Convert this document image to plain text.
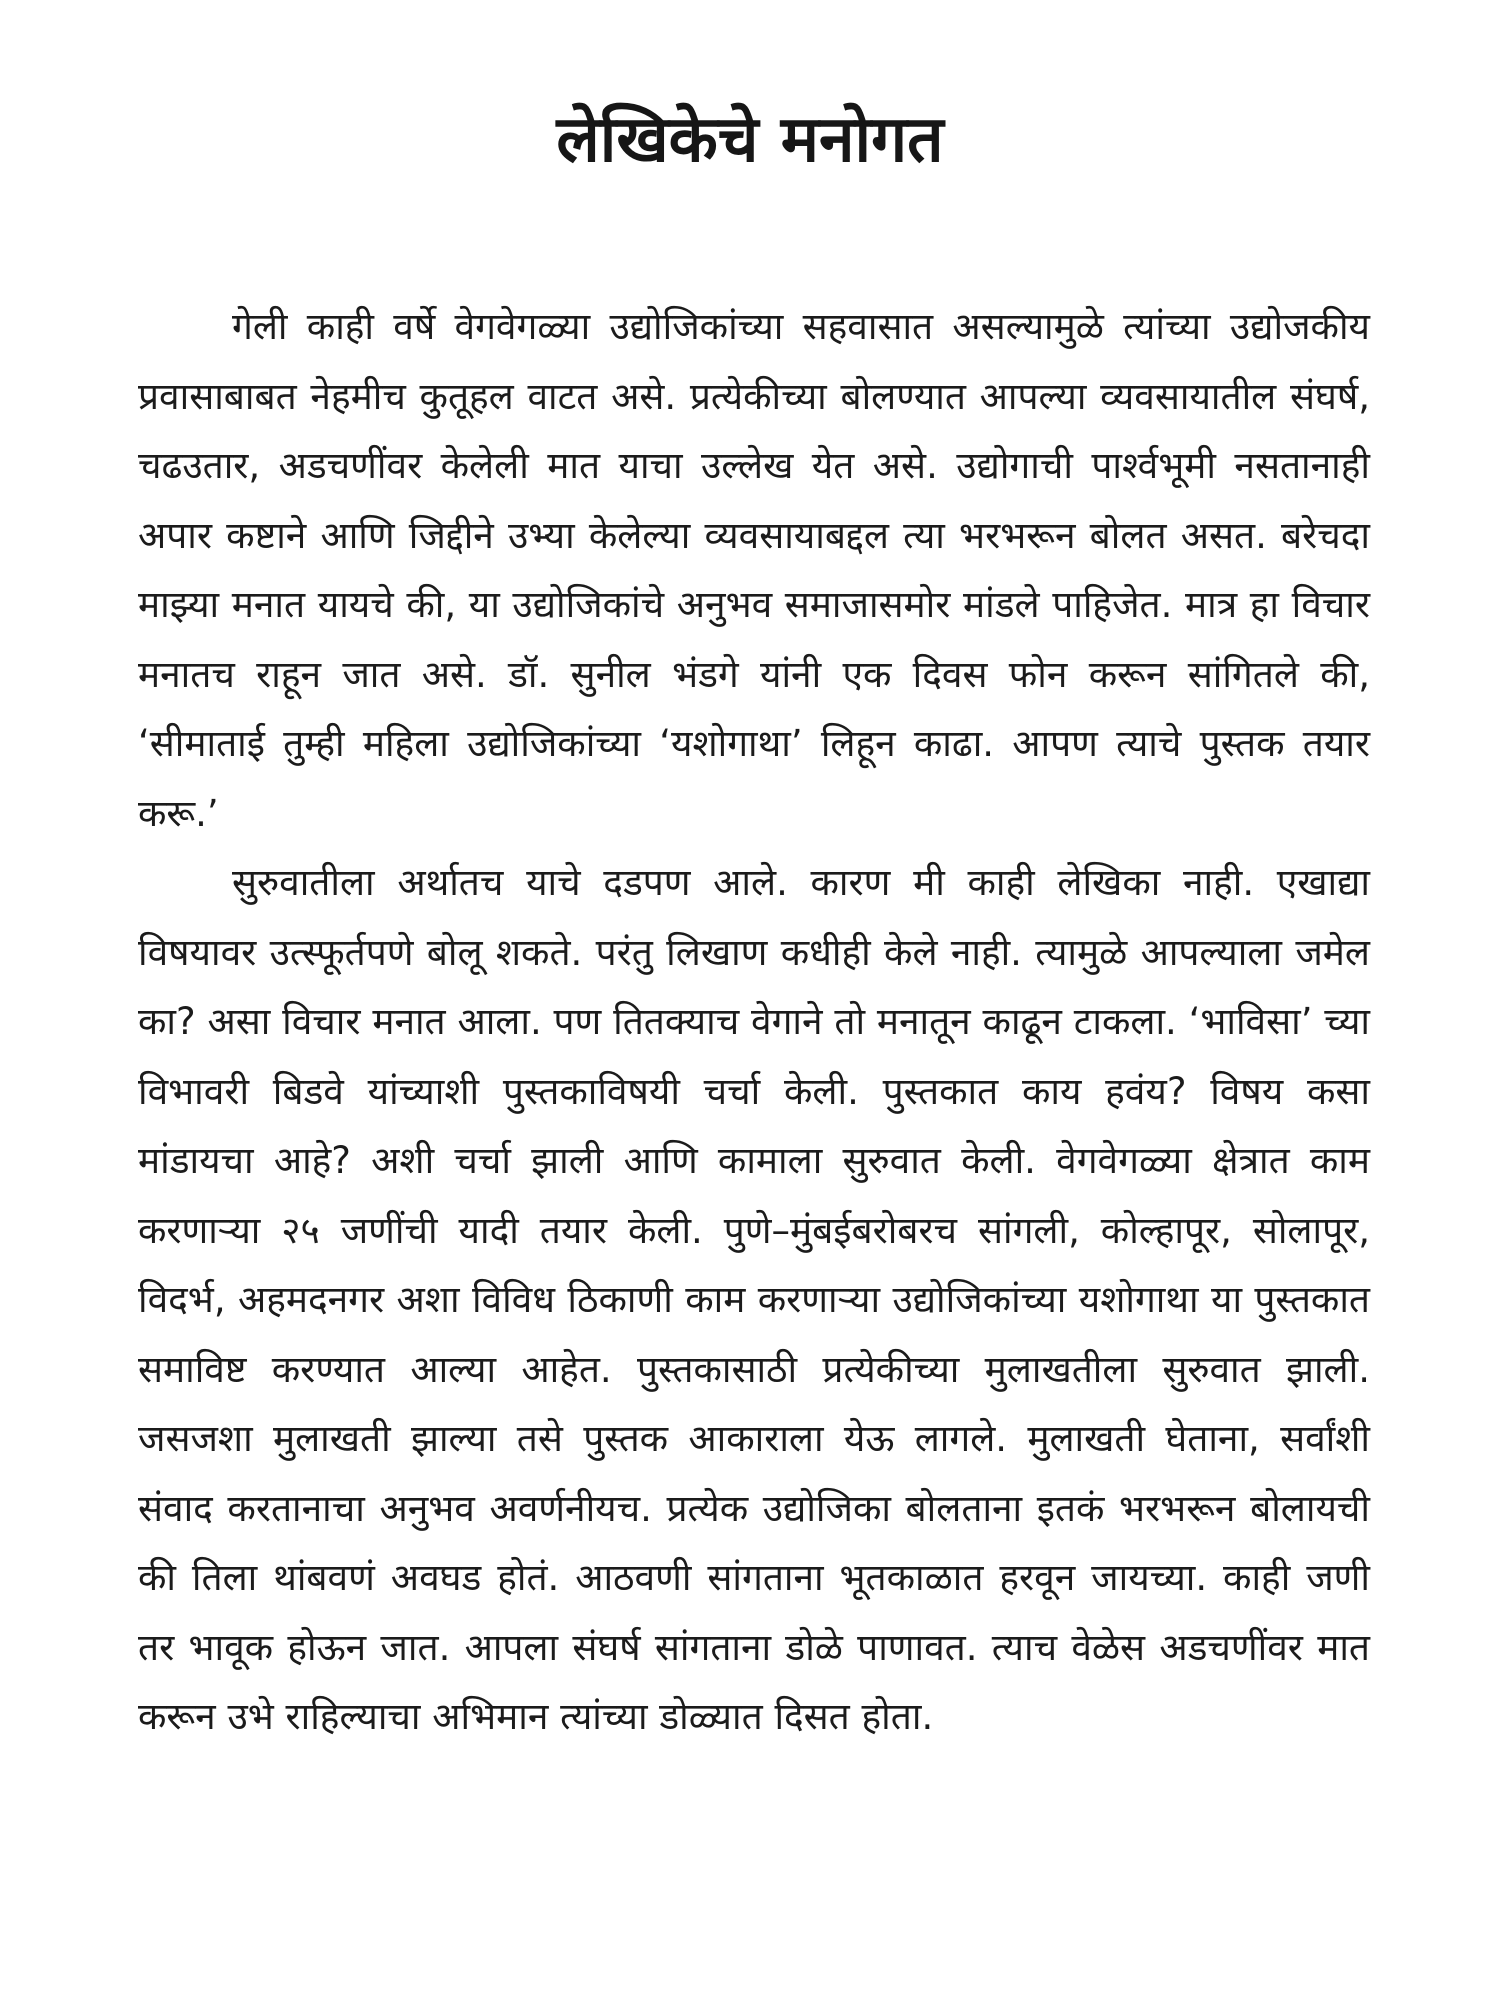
लेखिकेचे मनोगत

गेली काही वर्षे वेगवेगळ्या उद्योजिकांच्या सहवासात असल्यामुळे त्यांच्या उद्योजकीय प्रवासाबाबत नेहमीच कुतूहल वाटत असे. प्रत्येकीच्या बोलण्यात आपल्या व्यवसायातील संघर्ष, चढउतार, अडचणींवर केलेली मात याचा उल्लेख येत असे. उद्योगाची पार्श्वभूमी नसतानाही अपार कष्टाने आणि जिद्दीने उभ्या केलेल्या व्यवसायाबद्दल त्या भरभरून बोलत असत. बरेचदा माझ्या मनात यायचे की, या उद्योजिकांचे अनुभव समाजासमोर मांडले पाहिजेत. मात्र हा विचार मनातच राहून जात असे. डॉ. सुनील भंडगे यांनी एक दिवस फोन करून सांगितले की, ‘सीमाताई तुम्ही महिला उद्योजिकांच्या ‘यशोगाथा’ लिहून काढा. आपण त्याचे पुस्तक तयार करू.’

सुरुवातीला अर्थातच याचे दडपण आले. कारण मी काही लेखिका नाही. एखाद्या विषयावर उत्स्फूर्तपणे बोलू शकते. परंतु लिखाण कधीही केले नाही. त्यामुळे आपल्याला जमेल का? असा विचार मनात आला. पण तितक्याच वेगाने तो मनातून काढून टाकला. ‘भाविसा’ च्या विभावरी बिडवे यांच्याशी पुस्तकाविषयी चर्चा केली. पुस्तकात काय हवंय? विषय कसा मांडायचा आहे? अशी चर्चा झाली आणि कामाला सुरुवात केली. वेगवेगळ्या क्षेत्रात काम करणाऱ्या २५ जणींची यादी तयार केली. पुणे–मुंबईबरोबरच सांगली, कोल्हापूर, सोलापूर, विदर्भ, अहमदनगर अशा विविध ठिकाणी काम करणाऱ्या उद्योजिकांच्या यशोगाथा या पुस्तकात समाविष्ट करण्यात आल्या आहेत. पुस्तकासाठी प्रत्येकीच्या मुलाखतीला सुरुवात झाली. जसजशा मुलाखती झाल्या तसे पुस्तक आकाराला येऊ लागले. मुलाखती घेताना, सर्वांशी संवाद करतानाचा अनुभव अवर्णनीयच. प्रत्येक उद्योजिका बोलताना इतकं भरभरून बोलायची की तिला थांबवणं अवघड होतं. आठवणी सांगताना भूतकाळात हरवून जायच्या. काही जणी तर भावूक होऊन जात. आपला संघर्ष सांगताना डोळे पाणावत. त्याच वेळेस अडचणींवर मात करून उभे राहिल्याचा अभिमान त्यांच्या डोळ्यात दिसत होता.
